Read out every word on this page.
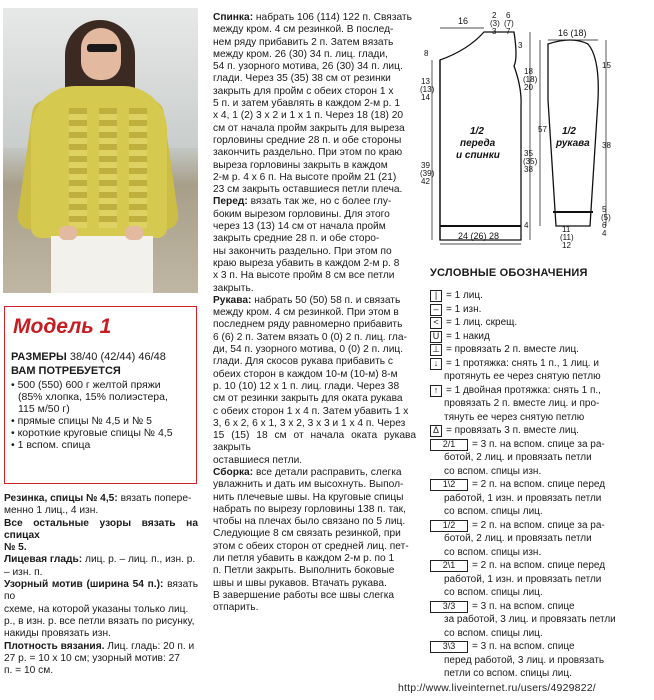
Модель 1
РАЗМЕРЫ 38/40 (42/44) 46/48
ВАМ ПОТРЕБУЕТСЯ
• 500 (550) 600 г желтой пряжи
(85% хлопка, 15% полиэстера,
115 м/50 г)
• прямые спицы № 4,5 и № 5
• короткие круговые спицы № 4,5
• 1 вспом. спица

Резинка, спицы № 4,5: вязать попере-

менно 1 лиц., 4 изн.

Все остальные узоры вязать на спицах

№ 5.

Лицевая гладь: лиц. р. – лиц. п., изн. р.

– изн. п.

Узорный мотив (ширина 54 п.): вязать по

схеме, на которой указаны только лиц.

р., в изн. р. все петли вязать по рисунку,

накиды провязать изн.

Плотность вязания. Лиц. гладь: 20 п. и

27 р. = 10 х 10 см; узорный мотив: 27

п. = 10 см.

Спинка: набрать 106 (114) 122 п. Связать

между кром. 4 см резинкой. В послед-

нем ряду прибавить 2 п. Затем вязать

между кром. 26 (30) 34 п. лиц. глади,

54 п. узорного мотива, 26 (30) 34 п. лиц.

глади. Через 35 (35) 38 см от резинки

закрыть для пройм с обеих сторон 1 х

5 п. и затем убавлять в каждом 2-м р. 1

х 4, 1 (2) 3 х 2 и 1 х 1 п. Через 18 (18) 20

см от начала пройм закрыть для выреза

горловины средние 28 п. и обе стороны

закончить раздельно. При этом по краю

выреза горловины закрыть в каждом

2-м р. 4 х 6 п. На высоте пройм 21 (21)

23 см закрыть оставшиеся петли плеча.

Перед: вязать так же, но с более глу-

боким вырезом горловины. Для этого

через 13 (13) 14 см от начала пройм

закрыть средние 28 п. и обе сторо-

ны закончить раздельно. При этом по

краю выреза убавить в каждом 2-м р. 8

х 3 п. На высоте пройм 8 см все петли

закрыть.

Рукава: набрать 50 (50) 58 п. и связать

между кром. 4 см резинкой. При этом в

последнем ряду равномерно прибавить

6 (6) 2 п. Затем вязать 0 (0) 2 п. лиц. гла-

ди, 54 п. узорного мотива, 0 (0) 2 п. лиц.

глади. Для скосов рукава прибавить с

обеих сторон в каждом 10-м (10-м) 8-м

р. 10 (10) 12 х 1 п. лиц. глади. Через 38

см от резинки закрыть для оката рукава

с обеих сторон 1 х 4 п. Затем убавить 1 х

3, 6 х 2, 6 х 1, 3 х 2, 3 х 3 и 1 х 4 п. Через

15 (15) 18 см от начала оката рукава закрыть

оставшиеся петли.

Сборка: все детали расправить, слегка

увлажнить и дать им высохнуть. Выпол-

нить плечевые швы. На круговые спицы

набрать по вырезу горловины 138 п. так,

чтобы на плечах было связано по 5 лиц.

Следующие 8 см связать резинкой, при

этом с обеих сторон от средней лиц. пет-

ли петля убавить в каждом 2-м р. по 1

п. Петли закрыть. Выполнить боковые

швы и швы рукавов. Втачать рукава.

В завершение работы все швы слегка

отпарить.

16
2
(3)
3
6
(7)
7
3
8
13
(13)
14
18
(18)
20
39
(39)
42
35
(35)
38
4
24 (26) 28
1/2
переда
и спинки
16 (18)
15
57
38
1/2
рукава
5
(5)
6
4
11
(11)
12
УСЛОВНЫЕ ОБОЗНАЧЕНИЯ
| = 1 лиц.
– = 1 изн.
< = 1 лиц. скрещ.
U = 1 накид
⊥ = провязать 2 п. вместе лиц.
↓ = 1 протяжка: снять 1 п., 1 лиц. и
протянуть ее через снятую петлю
↑ = 1 двойная протяжка: снять 1 п.,
провязать 2 п. вместе лиц. и про-
тянуть ее через снятую петлю
Δ = провязать 3 п. вместе лиц.
2/1 = 3 п. на вспом. спице за ра-
ботой, 2 лиц. и провязать петли
со вспом. спицы изн.
1\2 = 2 п. на вспом. спице перед
работой, 1 изн. и провязать петли
со вспом. спицы лиц.
1/2 = 2 п. на вспом. спице за ра-
ботой, 2 лиц. и провязать петли
со вспом. спицы изн.
2\1 = 2 п. на вспом. спице перед
работой, 1 изн. и провязать петли
со вспом. спицы лиц.
3/3 = 3 п. на вспом. спице
за работой, 3 лиц. и провязать петли
со вспом. спицы лиц.
3\3 = 3 п. на вспом. спице
перед работой, 3 лиц. и провязать
петли со вспом. спицы лиц.
http://www.liveinternet.ru/users/4929822/
